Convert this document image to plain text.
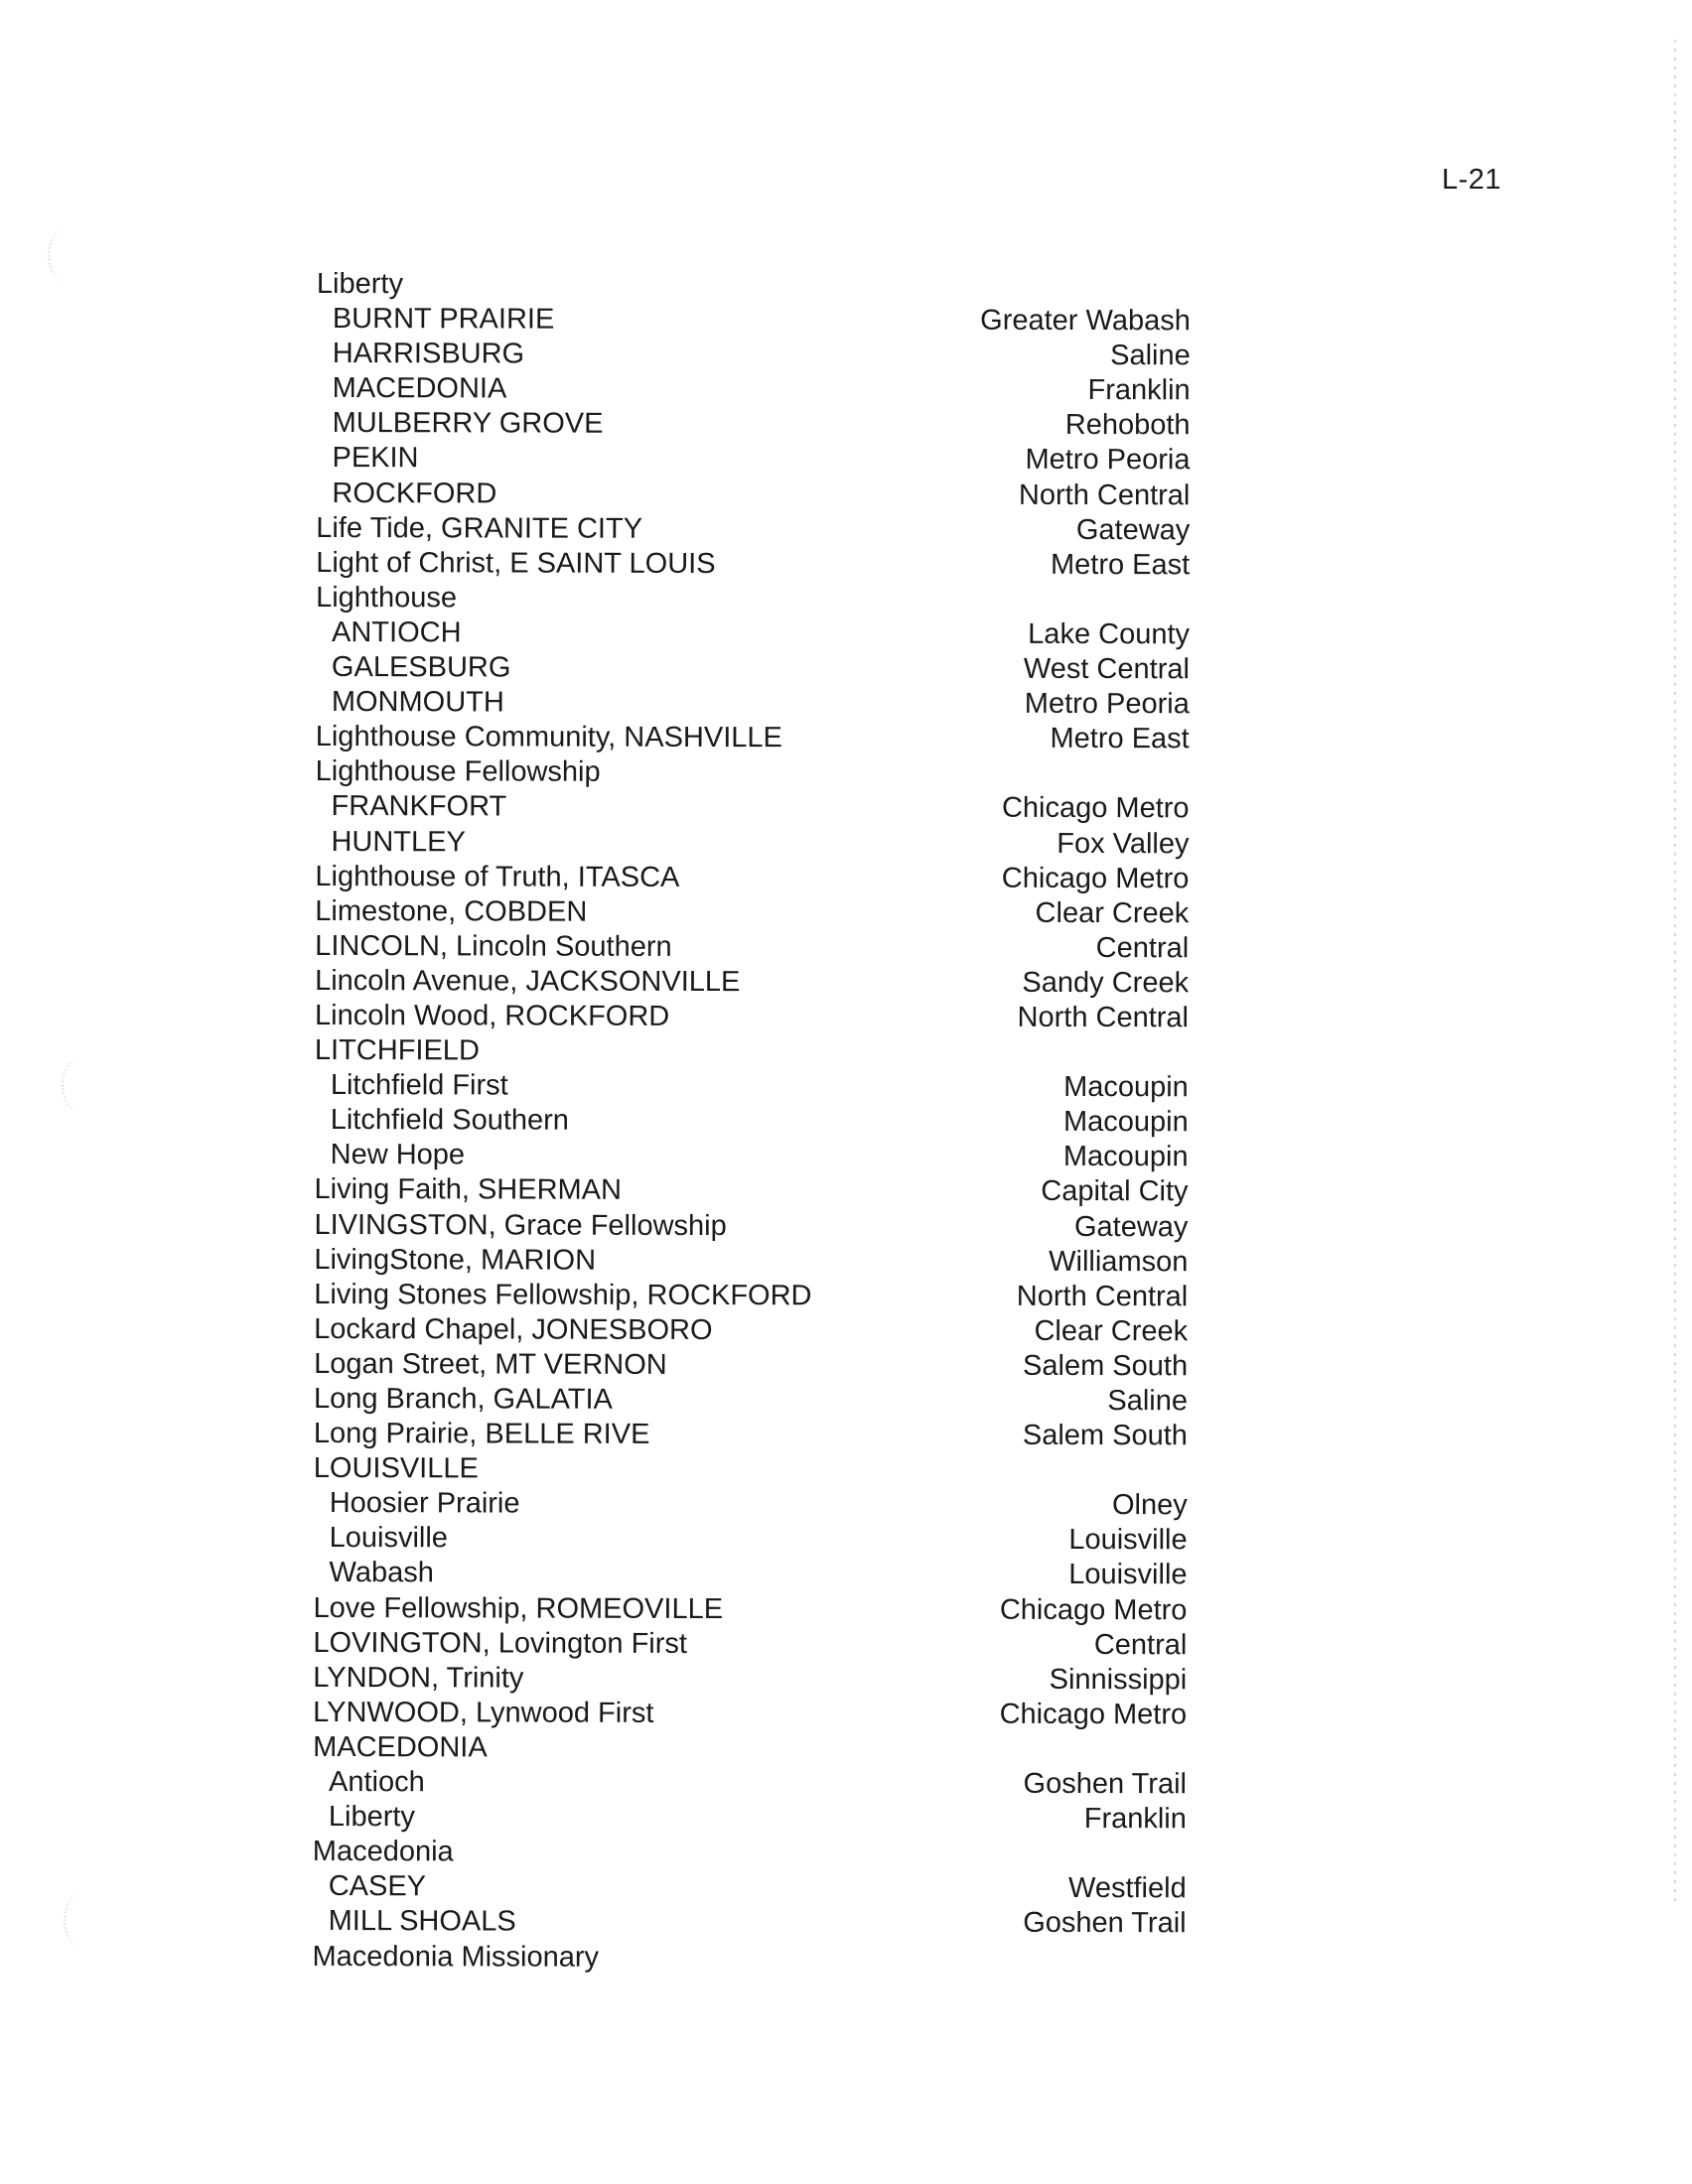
L-21
Liberty
BURNT PRAIRIE	Greater Wabash
HARRISBURG	Saline
MACEDONIA	Franklin
MULBERRY GROVE	Rehoboth
PEKIN	Metro Peoria
ROCKFORD	North Central
Life Tide, GRANITE CITY	Gateway
Light of Christ, E SAINT LOUIS	Metro East
Lighthouse
ANTIOCH	Lake County
GALESBURG	West Central
MONMOUTH	Metro Peoria
Lighthouse Community, NASHVILLE	Metro East
Lighthouse Fellowship
FRANKFORT	Chicago Metro
HUNTLEY	Fox Valley
Lighthouse of Truth, ITASCA	Chicago Metro
Limestone, COBDEN	Clear Creek
LINCOLN, Lincoln Southern	Central
Lincoln Avenue, JACKSONVILLE	Sandy Creek
Lincoln Wood, ROCKFORD	North Central
LITCHFIELD
Litchfield First	Macoupin
Litchfield Southern	Macoupin
New Hope	Macoupin
Living Faith, SHERMAN	Capital City
LIVINGSTON, Grace Fellowship	Gateway
LivingStone, MARION	Williamson
Living Stones Fellowship, ROCKFORD	North Central
Lockard Chapel, JONESBORO	Clear Creek
Logan Street, MT VERNON	Salem South
Long Branch, GALATIA	Saline
Long Prairie, BELLE RIVE	Salem South
LOUISVILLE
Hoosier Prairie	Olney
Louisville	Louisville
Wabash	Louisville
Love Fellowship, ROMEOVILLE	Chicago Metro
LOVINGTON, Lovington First	Central
LYNDON, Trinity	Sinnissippi
LYNWOOD, Lynwood First	Chicago Metro
MACEDONIA
Antioch	Goshen Trail
Liberty	Franklin
Macedonia
CASEY	Westfield
MILL SHOALS	Goshen Trail
Macedonia Missionary
